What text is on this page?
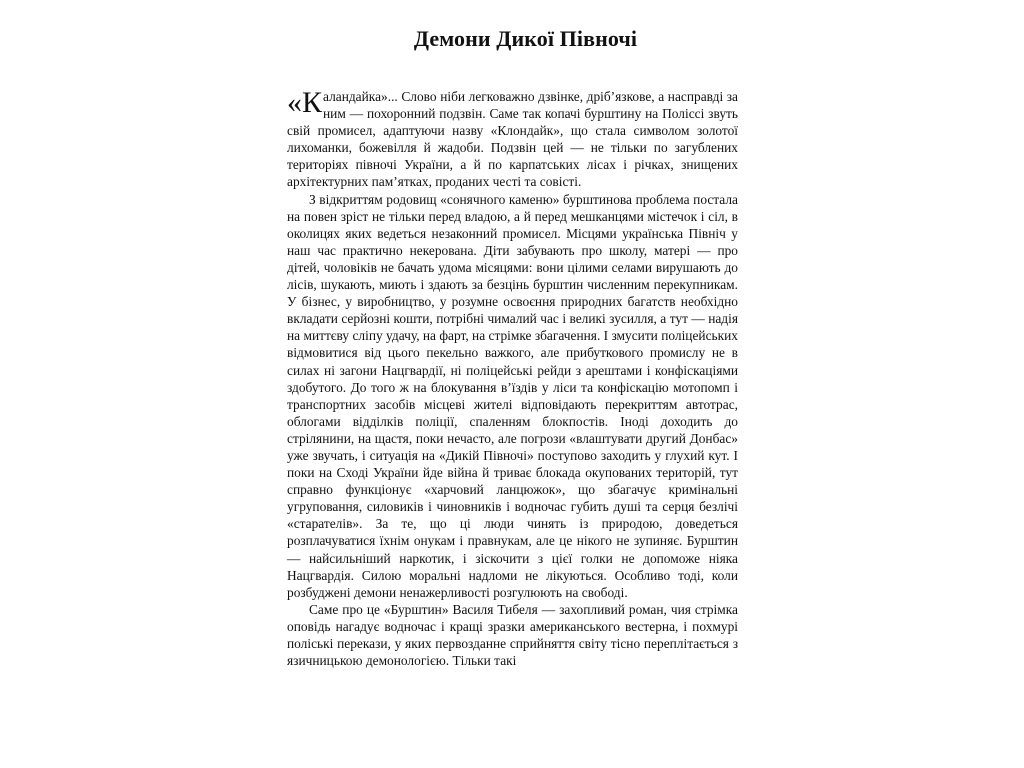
Демони Дикої Півночі

«Каландайка»... Слово ніби легковажно дзвінке, дріб’язкове, а насправді за ним — похоронний подзвін. Саме так копачі бурштину на Поліссі звуть свій промисел, адаптуючи назву «Клондайк», що стала символом золотої лихоманки, божевілля й жадоби. Подзвін цей — не тільки по загублених територіях півночі України, а й по карпатських лісах і річках, знищених архітектурних пам’ятках, проданих честі та совісті.

З відкриттям родовищ «сонячного каменю» бурштинова проблема постала на повен зріст не тільки перед владою, а й перед мешканцями містечок і сіл, в околицях яких ведеться незаконний промисел. Місцями українська Північ у наш час практично некерована. Діти забувають про школу, матері — про дітей, чоловіків не бачать удома місяцями: вони цілими селами вирушають до лісів, шукають, миють і здають за безцінь бурштин численним перекупникам. У бізнес, у виробництво, у розумне освоєння природних багатств необхідно вкладати серйозні кошти, потрібні чималий час і великі зусилля, а тут — надія на миттєву сліпу удачу, на фарт, на стрімке збагачення. І змусити поліцейських відмовитися від цього пекельно важкого, але прибуткового промислу не в силах ні загони Нацгвардії, ні поліцейські рейди з арештами і конфіскаціями здобутого. До того ж на блокування в’їздів у ліси та конфіскацію мотопомп і транспортних засобів місцеві жителі відповідають перекриттям автотрас, облогами відділків поліції, спаленням блокпостів. Іноді доходить до стрілянини, на щастя, поки нечасто, але погрози «влаштувати другий Донбас» уже звучать, і ситуація на «Дикій Півночі» поступово заходить у глухий кут. І поки на Сході України йде війна й триває блокада окупованих територій, тут справно функціонує «харчовий ланцюжок», що збагачує кримінальні угруповання, силовиків і чиновників і водночас губить душі та серця безлічі «старателів». За те, що ці люди чинять із природою, доведеться розплачуватися їхнім онукам і правнукам, але це нікого не зупиняє. Бурштин — найсильніший наркотик, і зіскочити з цієї голки не допоможе ніяка Нацгвардія. Силою моральні надломи не лікуються. Особливо тоді, коли розбуджені демони ненажерливості розгулюють на свободі.

Саме про це «Бурштин» Василя Тибеля — захопливий роман, чия стрімка оповідь нагадує водночас і кращі зразки американського вестерна, і похмурі поліські перекази, у яких первозданне сприйняття світу тісно переплітається з язичницькою демонологією. Тільки такі
